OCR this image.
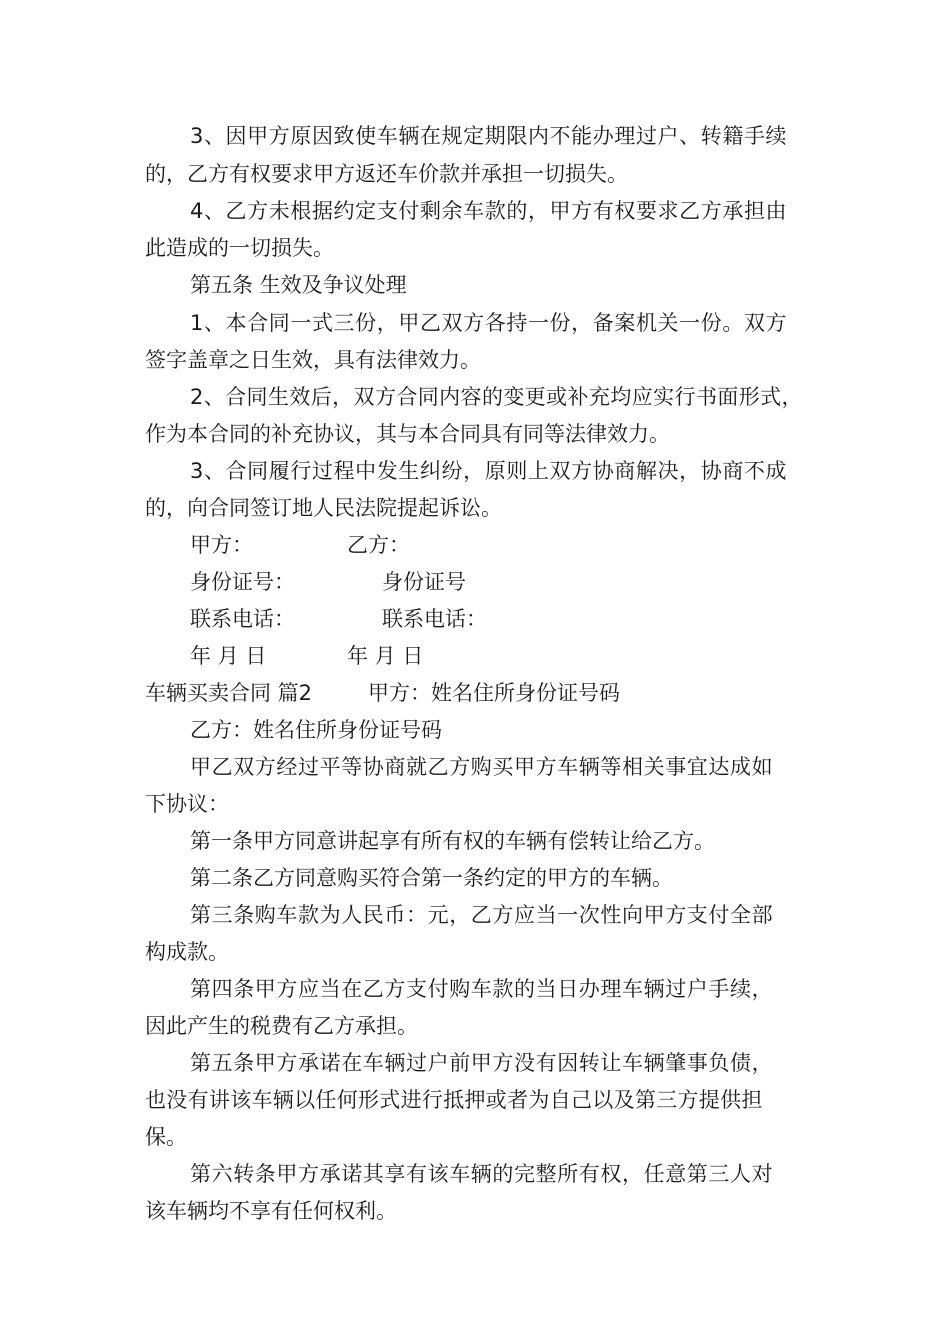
3、因甲方原因致使车辆在规定期限内不能办理过户、转籍手续
的，乙方有权要求甲方返还车价款并承担一切损失。
4、乙方未根据约定支付剩余车款的，甲方有权要求乙方承担由
此造成的一切损失。
第五条 生效及争议处理
1、本合同一式三份，甲乙双方各持一份，备案机关一份。双方
签字盖章之日生效，具有法律效力。
2、合同生效后，双方合同内容的变更或补充均应实行书面形式，
作为本合同的补充协议，其与本合同具有同等法律效力。
3、合同履行过程中发生纠纷，原则上双方协商解决，协商不成
的，向合同签订地人民法院提起诉讼。
甲方：	乙方：
身份证号：	身份证号
联系电话：	联系电话：
年 月 日	年 月 日
车辆买卖合同 篇2	甲方：姓名住所身份证号码
乙方：姓名住所身份证号码
甲乙双方经过平等协商就乙方购买甲方车辆等相关事宜达成如
下协议：
第一条甲方同意讲起享有所有权的车辆有偿转让给乙方。
第二条乙方同意购买符合第一条约定的甲方的车辆。
第三条购车款为人民币：元，乙方应当一次性向甲方支付全部
构成款。
第四条甲方应当在乙方支付购车款的当日办理车辆过户手续，
因此产生的税费有乙方承担。
第五条甲方承诺在车辆过户前甲方没有因转让车辆肇事负债，
也没有讲该车辆以任何形式进行抵押或者为自己以及第三方提供担
保。
第六转条甲方承诺其享有该车辆的完整所有权，任意第三人对
该车辆均不享有任何权利。
